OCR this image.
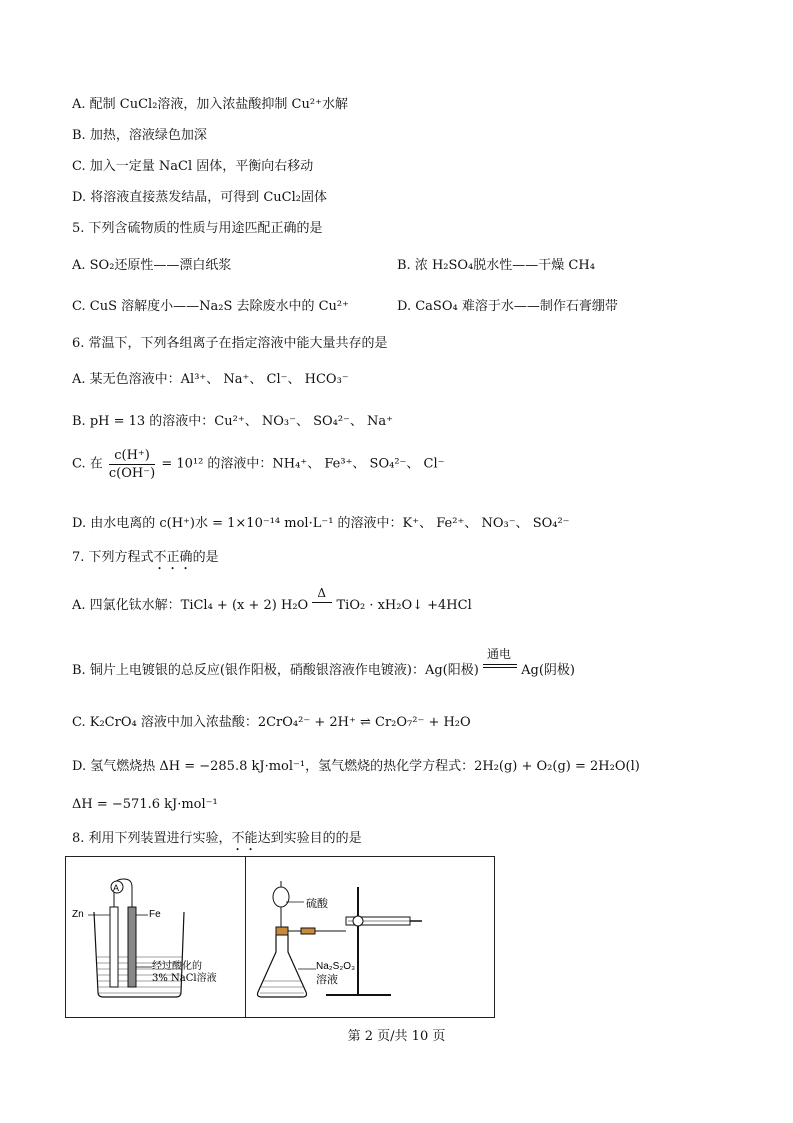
A. 配制 CuCl₂溶液，加入浓盐酸抑制 Cu²⁺水解
B. 加热，溶液绿色加深
C. 加入一定量 NaCl 固体，平衡向右移动
D. 将溶液直接蒸发结晶，可得到 CuCl₂固体
5. 下列含硫物质的性质与用途匹配正确的是
A. SO₂还原性——漂白纸浆	B. 浓 H₂SO₄脱水性——干燥 CH₄
C. CuS 溶解度小——Na₂S 去除废水中的 Cu²⁺	D. CaSO₄ 难溶于水——制作石膏绷带
6. 常温下，下列各组离子在指定溶液中能大量共存的是
A. 某无色溶液中：Al³⁺、 Na⁺、 Cl⁻、 HCO₃⁻
B. pH = 13 的溶液中：Cu²⁺、 NO₃⁻、 SO₄²⁻、 Na⁺
C. 在 $\frac{c(H^+)}{c(OH^-)} = 10^{12}$ 的溶液中：NH₄⁺、 Fe³⁺、 SO₄²⁻、 Cl⁻
D. 由水电离的 c(H⁺)水 = 1×10⁻¹⁴ mol·L⁻¹ 的溶液中：K⁺、 Fe²⁺、 NO₃⁻、 SO₄²⁻
7. 下列方程式不正确的是
A. 四氯化钛水解：TiCl₄ + (x + 2) H₂O
Δ
TiO₂ · xH₂O↓ +4HCl
B. 铜片上电镀银的总反应(银作阳极，硝酸银溶液作电镀液)：Ag(阳极)
通电
Ag(阴极)
C. K₂CrO₄ 溶液中加入浓盐酸：2CrO₄²⁻ + 2H⁺ ⇌ Cr₂O₇²⁻ + H₂O
D. 氢气燃烧热 ΔH = −285.8 kJ·mol⁻¹，氢气燃烧的热化学方程式：2H₂(g) + O₂(g) = 2H₂O(l)
ΔH = −571.6 kJ·mol⁻¹
8. 利用下列装置进行实验，不能达到实验目的的是
A
Zn	Fe
经过酸化的
3% NaCl溶液
硫酸
Na₂S₂O₃
溶液
第 2 页/共 10 页
